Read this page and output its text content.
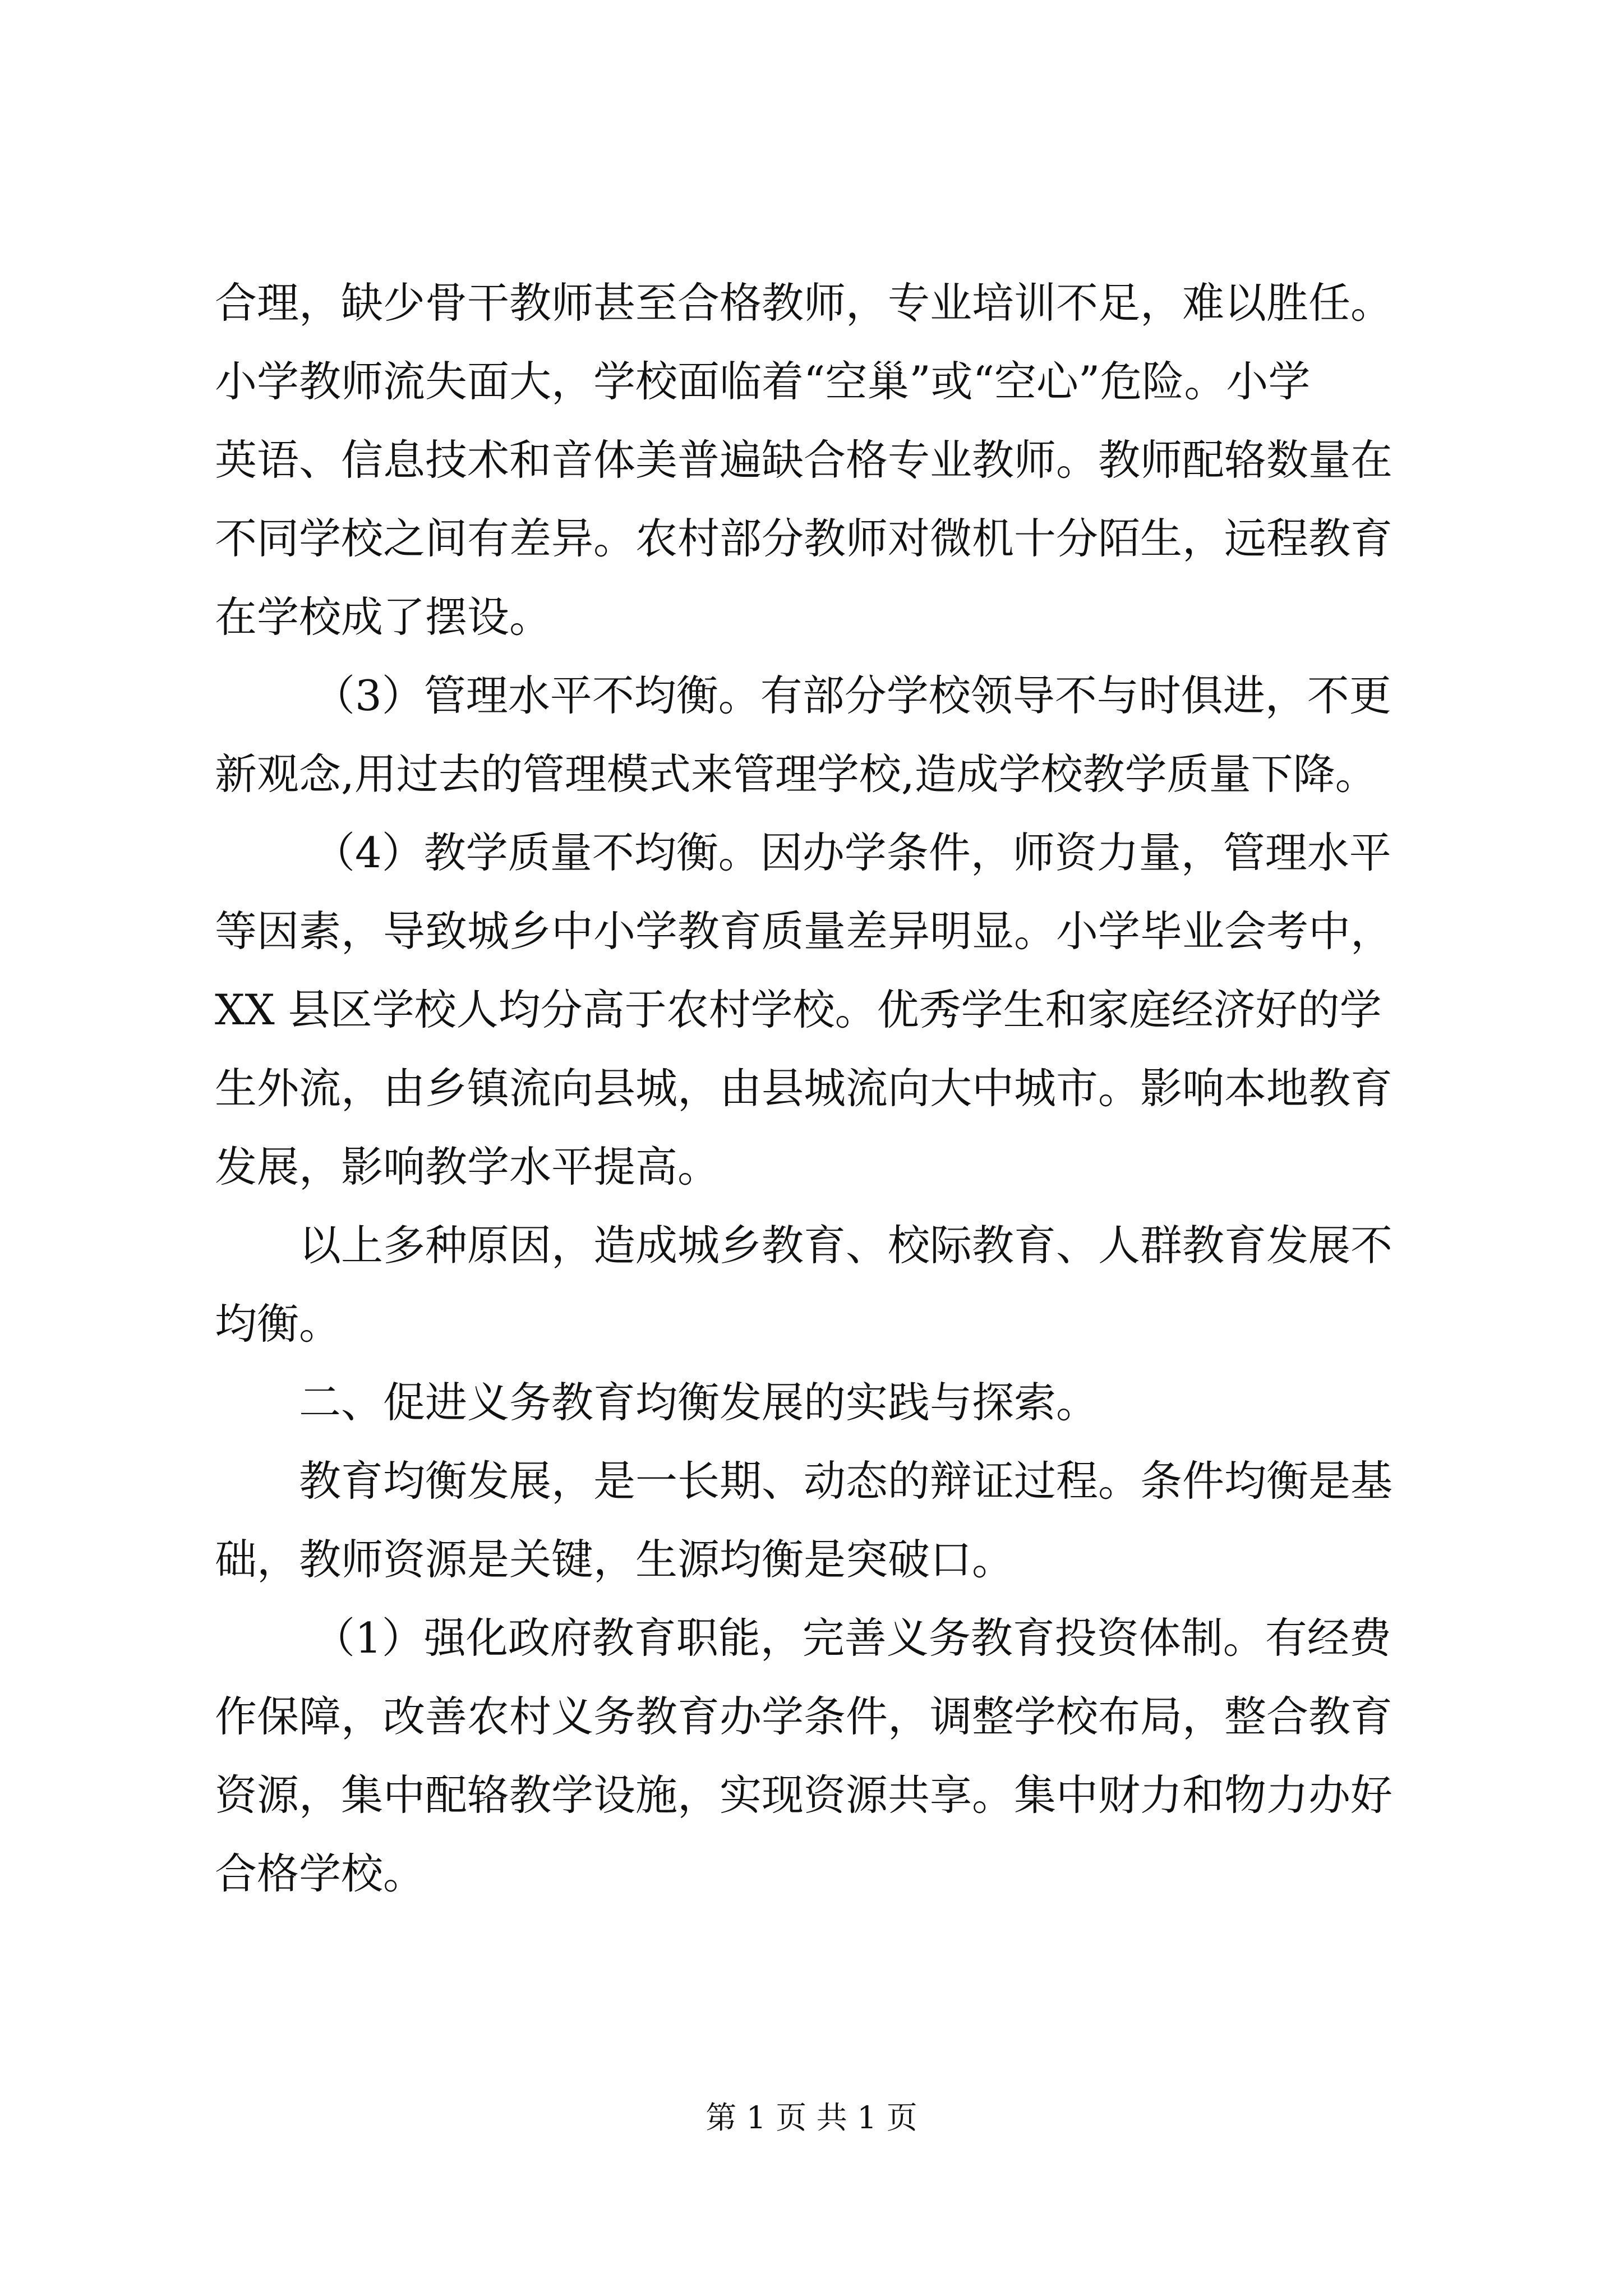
合理，缺少骨干教师甚至合格教师，专业培训不足，难以胜任。
小学教师流失面大，学校面临着“空巢”或“空心”危险。小学
英语、信息技术和音体美普遍缺合格专业教师。教师配辂数量在
不同学校之间有差异。农村部分教师对微机十分陌生，远程教育
在学校成了摆设。
（3）管理水平不均衡。有部分学校领导不与时俱进，不更
新观念,用过去的管理模式来管理学校,造成学校教学质量下降。
（4）教学质量不均衡。因办学条件，师资力量，管理水平
等因素，导致城乡中小学教育质量差异明显。小学毕业会考中，
XX 县区学校人均分高于农村学校。优秀学生和家庭经济好的学
生外流，由乡镇流向县城，由县城流向大中城市。影响本地教育
发展，影响教学水平提高。
以上多种原因，造成城乡教育、校际教育、人群教育发展不
均衡。
二、促进义务教育均衡发展的实践与探索。
教育均衡发展，是一长期、动态的辩证过程。条件均衡是基
础，教师资源是关键，生源均衡是突破口。
（1）强化政府教育职能，完善义务教育投资体制。有经费
作保障，改善农村义务教育办学条件，调整学校布局，整合教育
资源，集中配辂教学设施，实现资源共享。集中财力和物力办好
合格学校。
第 1 页 共 1 页
